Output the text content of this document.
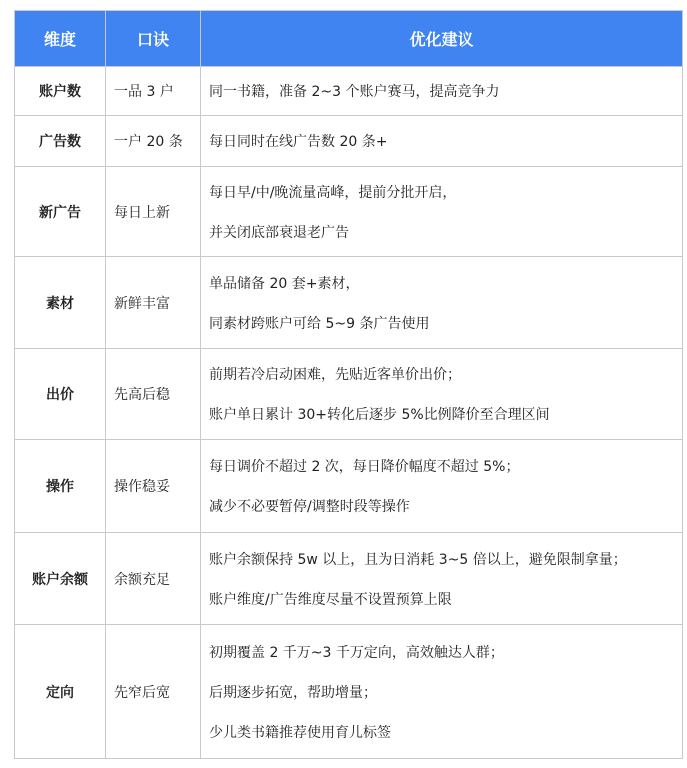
维度	口诀	优化建议
账户数	一品 3 户	同一书籍，准备 2~3 个账户赛马，提高竞争力

广告数	一户 20 条	每日同时在线广告数 20 条+

新广告	每日上新	每日早/中/晚流量高峰，提前分批开启，
并关闭底部衰退老广告

素材	新鲜丰富	单品储备 20 套+素材，
同素材跨账户可给 5~9 条广告使用

出价	先高后稳	前期若冷启动困难，先贴近客单价出价；
账户单日累计 30+转化后逐步 5%比例降价至合理区间

操作	操作稳妥	每日调价不超过 2 次，每日降价幅度不超过 5%；
减少不必要暂停/调整时段等操作

账户余额	余额充足	账户余额保持 5w 以上，且为日消耗 3~5 倍以上，避免限制拿量；
账户维度/广告维度尽量不设置预算上限

定向	先窄后宽	初期覆盖 2 千万~3 千万定向，高效触达人群；
后期逐步拓宽，帮助增量；
少儿类书籍推荐使用育儿标签
